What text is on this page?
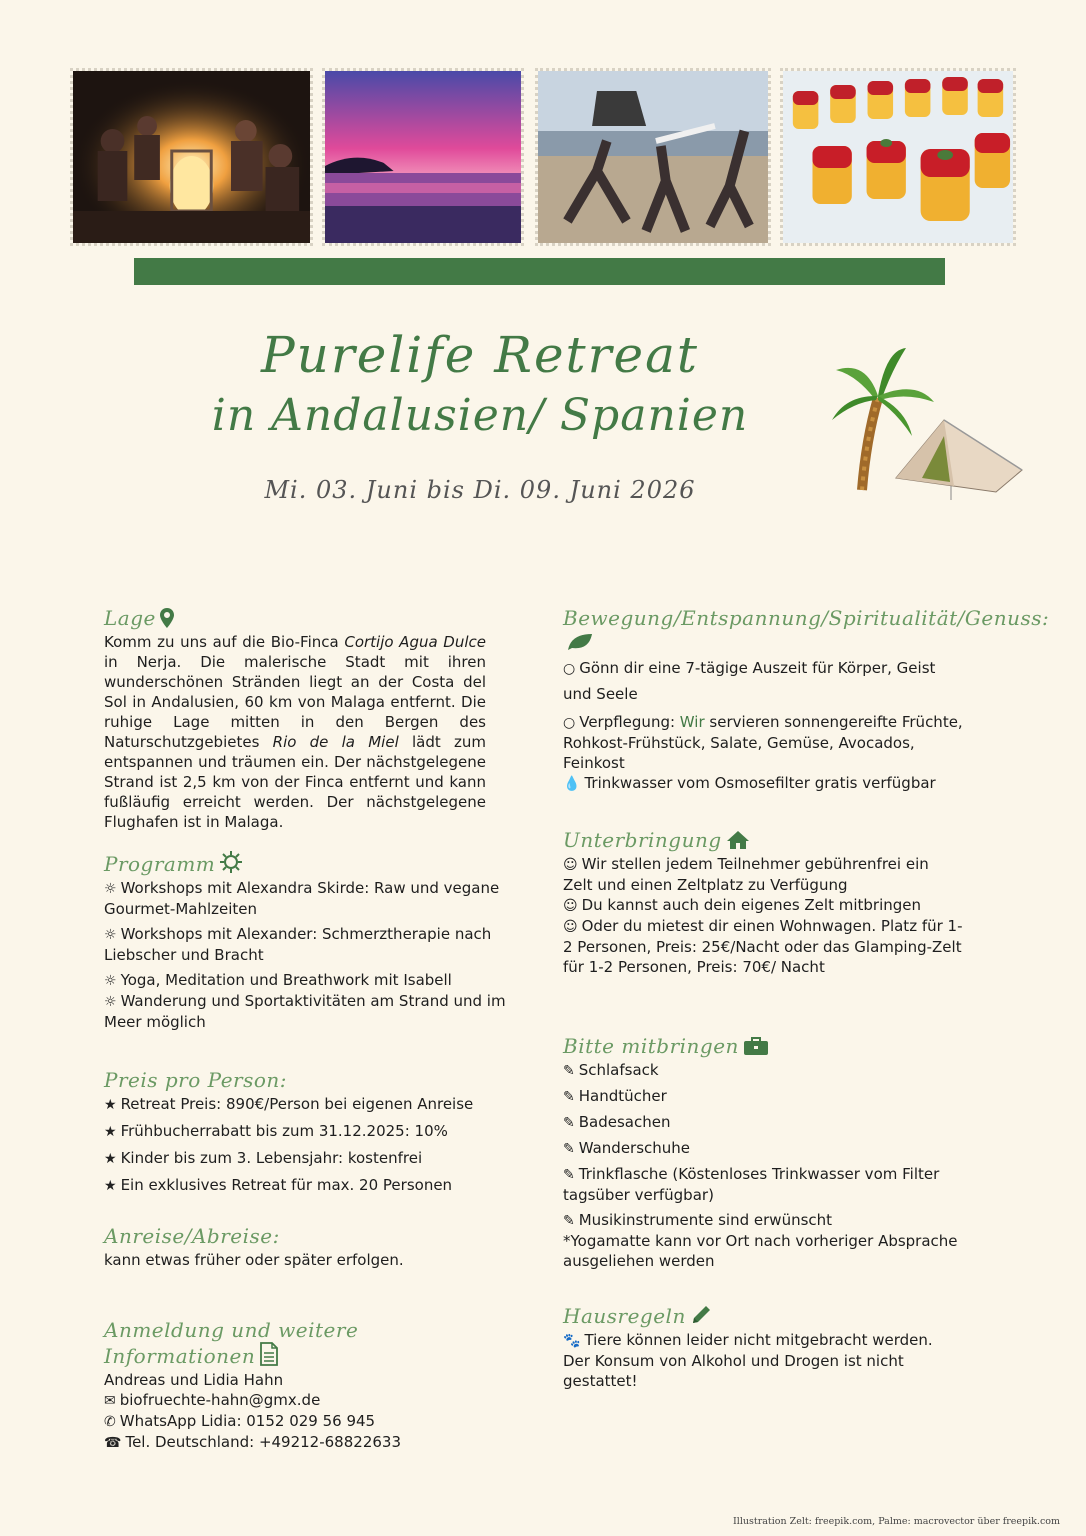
Purelife Retreat
in Andalusien/ Spanien
Mi. 03. Juni bis Di. 09. Juni 2026
Lage
Komm zu uns auf die Bio-Finca Cortijo Agua Dulce in Nerja. Die malerische Stadt mit ihren wunderschönen Stränden liegt an der Costa del Sol in Andalusien, 60 km von Malaga entfernt. Die ruhige Lage mitten in den Bergen des Naturschutzgebietes Rio de la Miel lädt zum entspannen und träumen ein. Der nächstgelegene Strand ist 2,5 km von der Finca entfernt und kann fußläufig erreicht werden. Der nächstgelegene Flughafen ist in Malaga.
Programm

☼ Workshops mit Alexandra Skirde: Raw und vegane Gourmet-Mahlzeiten

☼ Workshops mit Alexander: Schmerztherapie nach Liebscher und Bracht

☼ Yoga, Meditation und Breathwork mit Isabell

☼ Wanderung und Sportaktivitäten am Strand und im Meer möglich

Preis pro Person:

★ Retreat Preis: 890€/Person bei eigenen Anreise

★ Frühbucherrabatt bis zum 31.12.2025: 10%

★ Kinder bis zum 3. Lebensjahr: kostenfrei

★ Ein exklusives Retreat für max. 20 Personen

Anreise/Abreise:

kann etwas früher oder später erfolgen.

Anmeldung und weitere Informationen

Andreas und Lidia Hahn

✉ biofruechte-hahn@gmx.de

✆ WhatsApp Lidia: 0152 029 56 945

☎ Tel. Deutschland: +49212-68822633

Bewegung/Entspannung/Spiritualität/Genuss:

○ Gönn dir eine 7-tägige Auszeit für Körper, Geist und Seele

○ Verpflegung: Wir servieren sonnengereifte Früchte, Rohkost-Frühstück, Salate, Gemüse, Avocados, Feinkost

💧 Trinkwasser vom Osmosefilter gratis verfügbar

Unterbringung

☺ Wir stellen jedem Teilnehmer gebührenfrei ein Zelt und einen Zeltplatz zu Verfügung

☺ Du kannst auch dein eigenes Zelt mitbringen

☺ Oder du mietest dir einen Wohnwagen. Platz für 1-2 Personen, Preis: 25€/Nacht oder das Glamping-Zelt für 1-2 Personen, Preis: 70€/ Nacht

Bitte mitbringen

✎ Schlafsack

✎ Handtücher

✎ Badesachen

✎ Wanderschuhe

✎ Trinkflasche (Köstenloses Trinkwasser vom Filter tagsüber verfügbar)

✎ Musikinstrumente sind erwünscht

*Yogamatte kann vor Ort nach vorheriger Absprache ausgeliehen werden

Hausregeln

🐾 Tiere können leider nicht mitgebracht werden.

Der Konsum von Alkohol und Drogen ist nicht gestattet!

Illustration Zelt: freepik.com, Palme: macrovector über freepik.com
